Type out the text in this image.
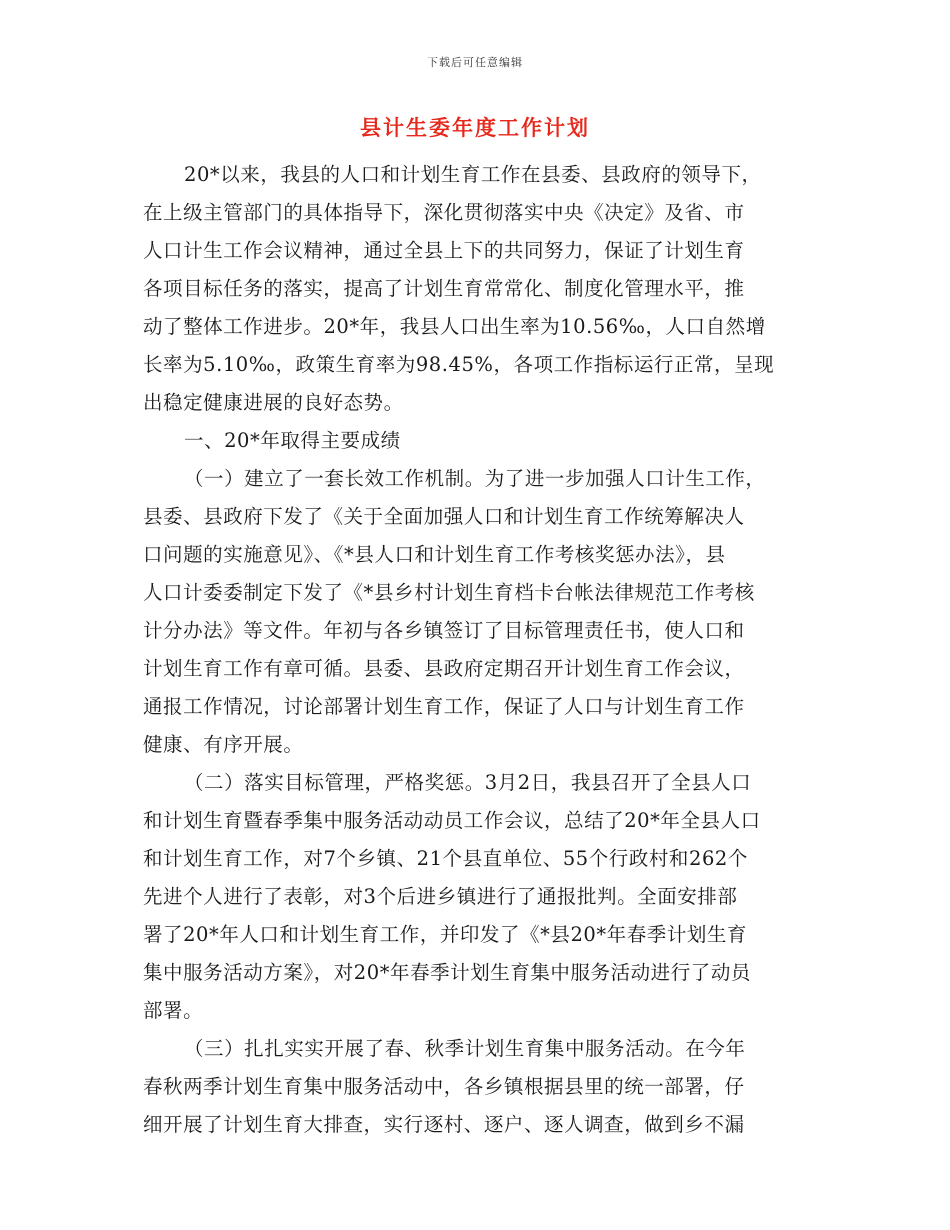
下载后可任意编辑
县计生委年度工作计划
20*以来，我县的人口和计划生育工作在县委、县政府的领导下，
在上级主管部门的具体指导下，深化贯彻落实中央《决定》及省、市
人口计生工作会议精神，通过全县上下的共同努力，保证了计划生育
各项目标任务的落实，提高了计划生育常常化、制度化管理水平，推
动了整体工作进步。20*年，我县人口出生率为10.56‰，人口自然增
长率为5.10‰，政策生育率为98.45%，各项工作指标运行正常，呈现
出稳定健康进展的良好态势。
一、20*年取得主要成绩
（一）建立了一套长效工作机制。为了进一步加强人口计生工作，
县委、县政府下发了《关于全面加强人口和计划生育工作统筹解决人
口问题的实施意见》、《*县人口和计划生育工作考核奖惩办法》，县
人口计委委制定下发了《*县乡村计划生育档卡台帐法律规范工作考核
计分办法》等文件。年初与各乡镇签订了目标管理责任书，使人口和
计划生育工作有章可循。县委、县政府定期召开计划生育工作会议，
通报工作情况，讨论部署计划生育工作，保证了人口与计划生育工作
健康、有序开展。
（二）落实目标管理，严格奖惩。3月2日，我县召开了全县人口
和计划生育暨春季集中服务活动动员工作会议，总结了20*年全县人口
和计划生育工作，对7个乡镇、21个县直单位、55个行政村和262个
先进个人进行了表彰，对3个后进乡镇进行了通报批判。全面安排部
署了20*年人口和计划生育工作，并印发了《*县20*年春季计划生育
集中服务活动方案》，对20*年春季计划生育集中服务活动进行了动员
部署。
（三）扎扎实实开展了春、秋季计划生育集中服务活动。在今年
春秋两季计划生育集中服务活动中，各乡镇根据县里的统一部署，仔
细开展了计划生育大排查，实行逐村、逐户、逐人调查，做到乡不漏
